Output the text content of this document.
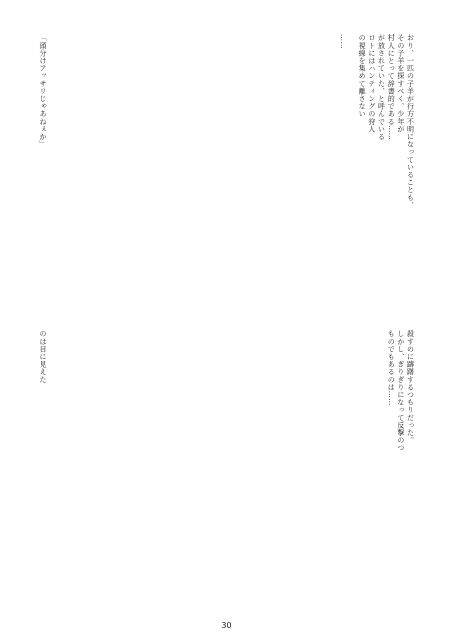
おり、一匹の子羊が行方不明になっていることも、
その子羊を探すべく、少年が
村人にとって辞書的である……
が放されていた、と呼んでいる
ロトにはハンティングの狩人
の視線を集めて離さない
……
「頭分けアッサリじゃあねぇか」
殺すのに躊躇するつもりだった。
しかし、ぎりぎりになって反撃のつ
ものでもあるのは……
のは目に見えた
30
